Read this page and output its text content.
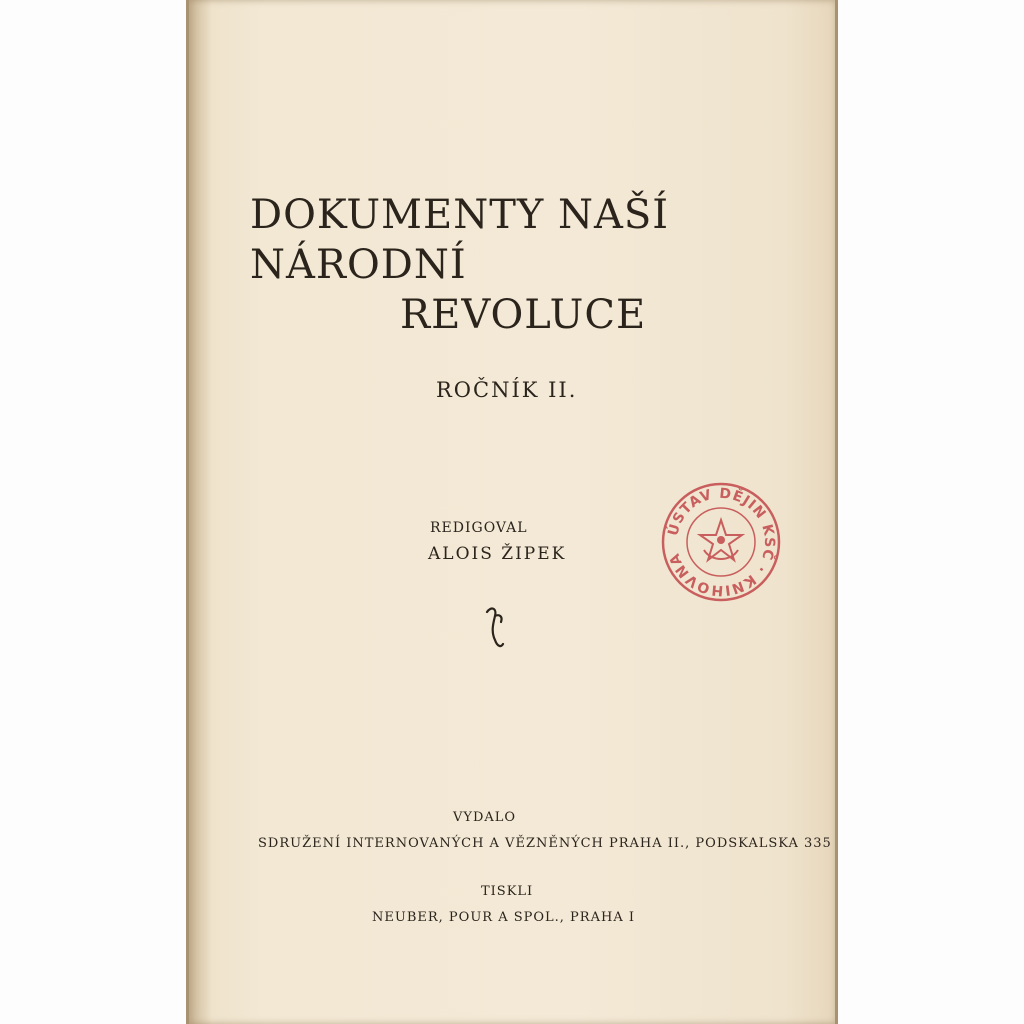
DOKUMENTY NAŠÍ NÁRODNÍ
REVOLUCE
ROČNÍK II.
REDIGOVAL
ALOIS ŽIPEK
ÚSTAV DĚJIN KSČ · KNIHOVNA
VYDALO
SDRUŽENÍ INTERNOVANÝCH A VĚZNĚNÝCH PRAHA II., PODSKALSKA 335
TISKLI
NEUBER, POUR A SPOL., PRAHA I
